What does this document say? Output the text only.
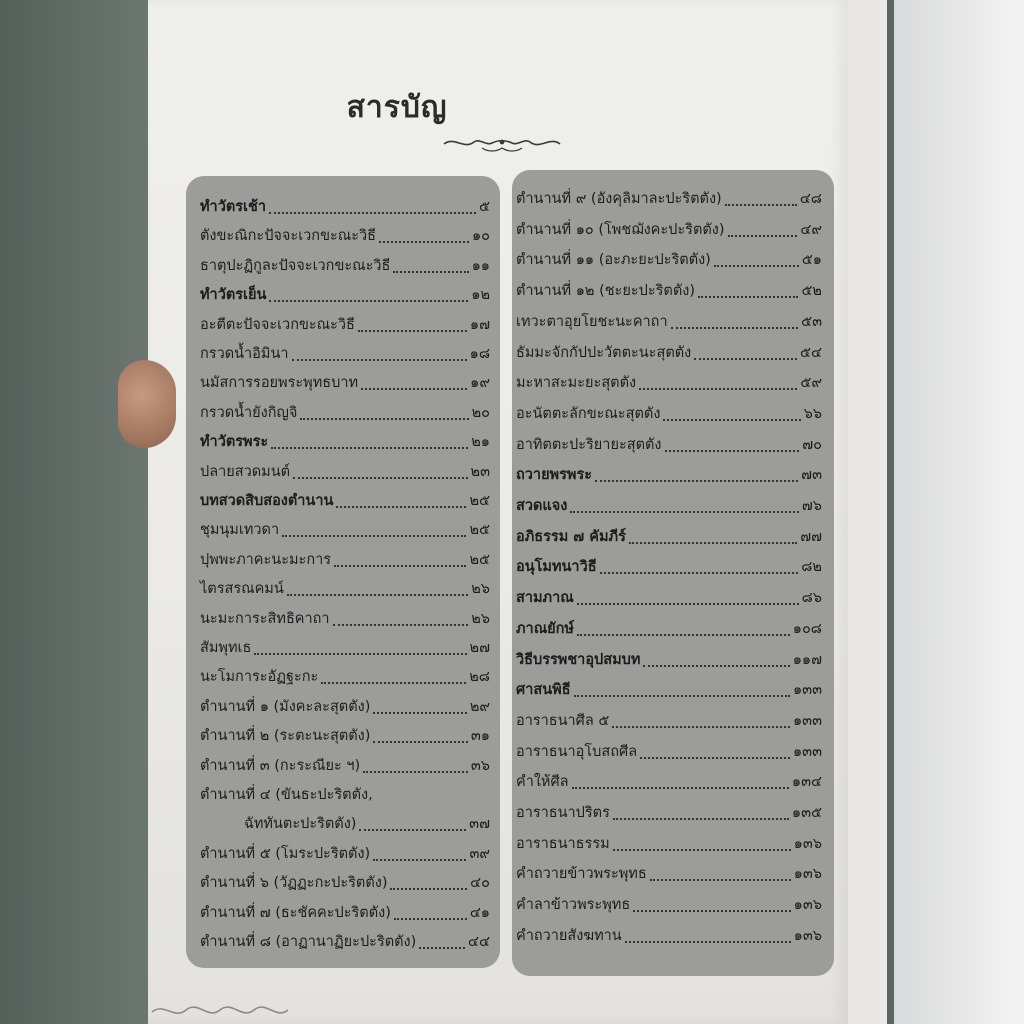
สารบัญ
ทำวัตรเช้า	๕
ตังขะณิกะปัจจะเวกขะณะวิธี	๑๐
ธาตุปะฏิกูละปัจจะเวกขะณะวิธี	๑๑
ทำวัตรเย็น	๑๒
อะตีตะปัจจะเวกขะณะวิธี	๑๗
กรวดน้ำอิมินา	๑๘
นมัสการรอยพระพุทธบาท	๑๙
กรวดน้ำยังกิญจิ	๒๐
ทำวัตรพระ	๒๑
ปลายสวดมนต์	๒๓
บทสวดสิบสองตำนาน	๒๕
ชุมนุมเทวดา	๒๕
ปุพพะภาคะนะมะการ	๒๕
ไตรสรณคมน์	๒๖
นะมะการะสิทธิคาถา	๒๖
สัมพุทเธ	๒๗
นะโมการะอัฏฐะกะ	๒๘
ตำนานที่ ๑ (มังคะละสุตตัง)	๒๙
ตำนานที่ ๒ (ระตะนะสุตตัง)	๓๑
ตำนานที่ ๓ (กะระณียะ ฯ)	๓๖
ตำนานที่ ๔ (ขันธะปะริตตัง,
ฉัททันตะปะริตตัง)	๓๗
ตำนานที่ ๕ (โมระปะริตตัง)	๓๙
ตำนานที่ ๖ (วัฏฏะกะปะริตตัง)	๔๐
ตำนานที่ ๗ (ธะชัคคะปะริตตัง)	๔๑
ตำนานที่ ๘ (อาฏานาฏิยะปะริตตัง)	๔๔
ตำนานที่ ๙ (อังคุลิมาละปะริตตัง)	๔๘
ตำนานที่ ๑๐ (โพชฌังคะปะริตตัง)	๔๙
ตำนานที่ ๑๑ (อะภะยะปะริตตัง)	๕๑
ตำนานที่ ๑๒ (ชะยะปะริตตัง)	๕๒
เทวะตาอุยโยชะนะคาถา	๕๓
ธัมมะจักกัปปะวัตตะนะสุตตัง	๕๔
มะหาสะมะยะสุตตัง	๕๙
อะนัตตะลักขะณะสุตตัง	๖๖
อาทิตตะปะริยายะสุตตัง	๗๐
ถวายพรพระ	๗๓
สวดแจง	๗๖
อภิธรรม ๗ คัมภีร์	๗๗
อนุโมทนาวิธี	๘๒
สามภาณ	๘๖
ภาณยักษ์	๑๐๘
วิธีบรรพชาอุปสมบท	๑๑๗
ศาสนพิธี	๑๓๓
อาราธนาศีล ๕	๑๓๓
อาราธนาอุโบสถศีล	๑๓๓
คำให้ศีล	๑๓๔
อาราธนาปริตร	๑๓๕
อาราธนาธรรม	๑๓๖
คำถวายข้าวพระพุทธ	๑๓๖
คำลาข้าวพระพุทธ	๑๓๖
คำถวายสังฆทาน	๑๓๖
